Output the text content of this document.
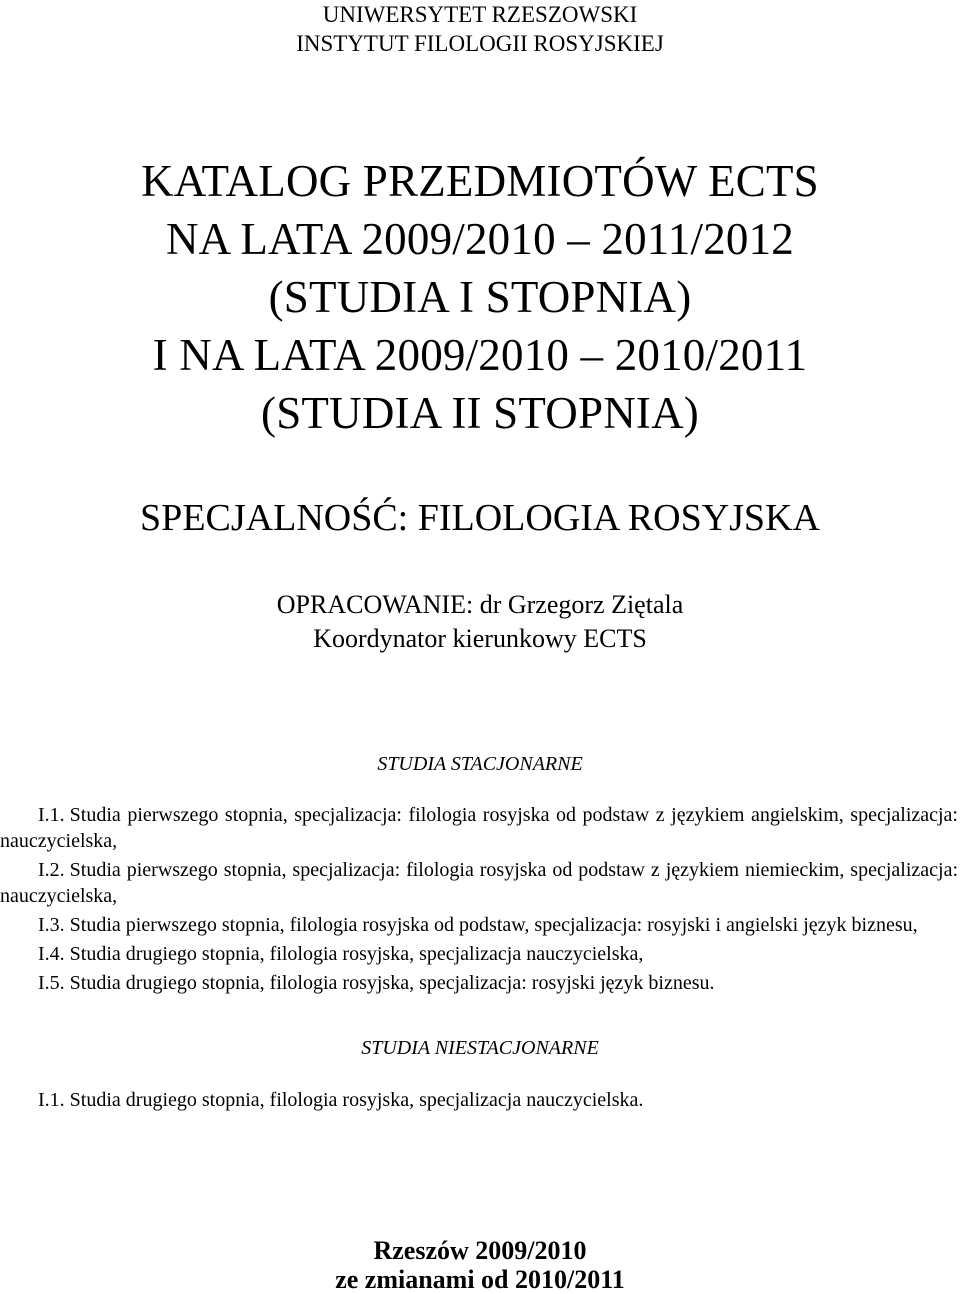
UNIWERSYTET RZESZOWSKI
INSTYTUT FILOLOGII ROSYJSKIEJ
KATALOG PRZEDMIOTÓW ECTS
NA LATA 2009/2010 – 2011/2012
(STUDIA I STOPNIA)
I NA LATA 2009/2010 – 2010/2011
(STUDIA II STOPNIA)
SPECJALNOŚĆ: FILOLOGIA ROSYJSKA
OPRACOWANIE: dr Grzegorz Ziętala
Koordynator kierunkowy ECTS
STUDIA STACJONARNE
I.1. Studia pierwszego stopnia, specjalizacja: filologia rosyjska od podstaw z językiem angielskim, specjalizacja: nauczycielska,
I.2. Studia pierwszego stopnia, specjalizacja: filologia rosyjska od podstaw z językiem niemieckim, specjalizacja: nauczycielska,
I.3. Studia pierwszego stopnia, filologia rosyjska od podstaw, specjalizacja: rosyjski i angielski język biznesu,
I.4. Studia drugiego stopnia, filologia rosyjska, specjalizacja nauczycielska,
I.5. Studia drugiego stopnia, filologia rosyjska, specjalizacja: rosyjski język biznesu.
STUDIA NIESTACJONARNE
I.1. Studia drugiego stopnia, filologia rosyjska, specjalizacja nauczycielska.
Rzeszów 2009/2010
ze zmianami od 2010/2011
